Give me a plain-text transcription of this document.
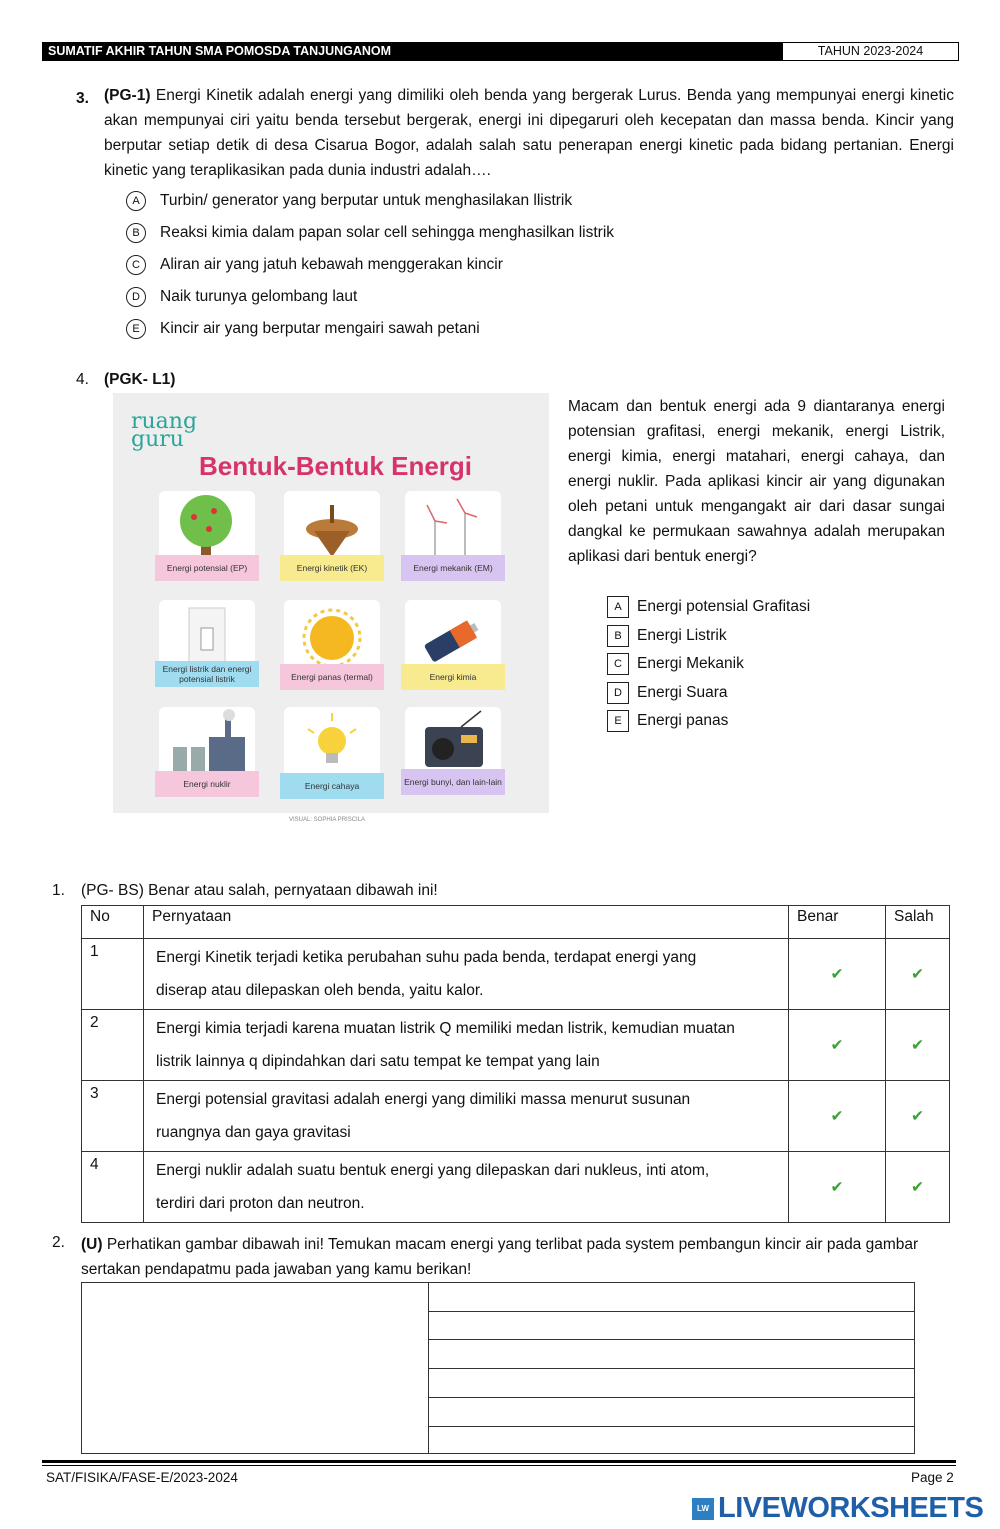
SUMATIF AKHIR TAHUN SMA POMOSDA TANJUNGANOM	TAHUN 2023-2024
3. (PG-1) Energi Kinetik adalah energi yang dimiliki oleh benda yang bergerak Lurus. Benda yang mempunyai energi kinetic akan mempunyai ciri yaitu benda tersebut bergerak, energi ini dipegaruri oleh kecepatan dan massa benda. Kincir yang berputar setiap detik di desa Cisarua Bogor, adalah salah satu penerapan energi kinetic pada bidang pertanian. Energi kinetic yang teraplikasikan pada dunia industri adalah….
A	Turbin/ generator yang berputar untuk menghasilakan llistrik
B	Reaksi kimia dalam papan solar cell sehingga menghasilkan listrik
C	Aliran air yang jatuh kebawah menggerakan kincir
D	Naik turunya gelombang laut
E	Kincir air yang berputar mengairi sawah petani
4. (PGK- L1)
ruang guru
Bentuk-Bentuk Energi
Energi potensial (EP)	Energi kinetik (EK)	Energi mekanik (EM)
Energi listrik dan energi potensial listrik	Energi panas (termal)	Energi kimia
Energi nuklir	Energi cahaya	Energi bunyi, dan lain-lain
VISUAL: SOPHIA PRISCILA
Macam dan bentuk energi ada 9 diantaranya energi potensian grafitasi, energi mekanik, energi Listrik, energi kimia, energi matahari, energi cahaya, dan energi nuklir. Pada aplikasi kincir air yang digunakan oleh petani untuk mengangakt air dari dasar sungai dangkal ke permukaan sawahnya adalah merupakan aplikasi dari bentuk energi?
A Energi potensial Grafitasi
B Energi Listrik
C Energi Mekanik
D Energi Suara
E Energi panas
1. (PG- BS) Benar atau salah, pernyataan dibawah ini!
No	Pernyataan	Benar	Salah
1	Energi Kinetik terjadi ketika perubahan suhu pada benda, terdapat energi yang
diserap atau dilepaskan oleh benda, yaitu kalor.	✔	✔
2	Energi kimia terjadi karena muatan listrik Q memiliki medan listrik, kemudian muatan
listrik lainnya q dipindahkan dari satu tempat ke tempat yang lain	✔	✔
3	Energi potensial gravitasi adalah energi yang dimiliki massa menurut susunan
ruangnya dan gaya gravitasi	✔	✔
4	Energi nuklir adalah suatu bentuk energi yang dilepaskan dari nukleus, inti atom,
terdiri dari proton dan neutron.	✔	✔
2. (U) Perhatikan gambar dibawah ini! Temukan macam energi yang terlibat pada system pembangun kincir air pada gambar sertakan pendapatmu pada jawaban yang kamu berikan!
SAT/FISIKA/FASE-E/2023-2024	Page 2
LW LIVEWORKSHEETS
